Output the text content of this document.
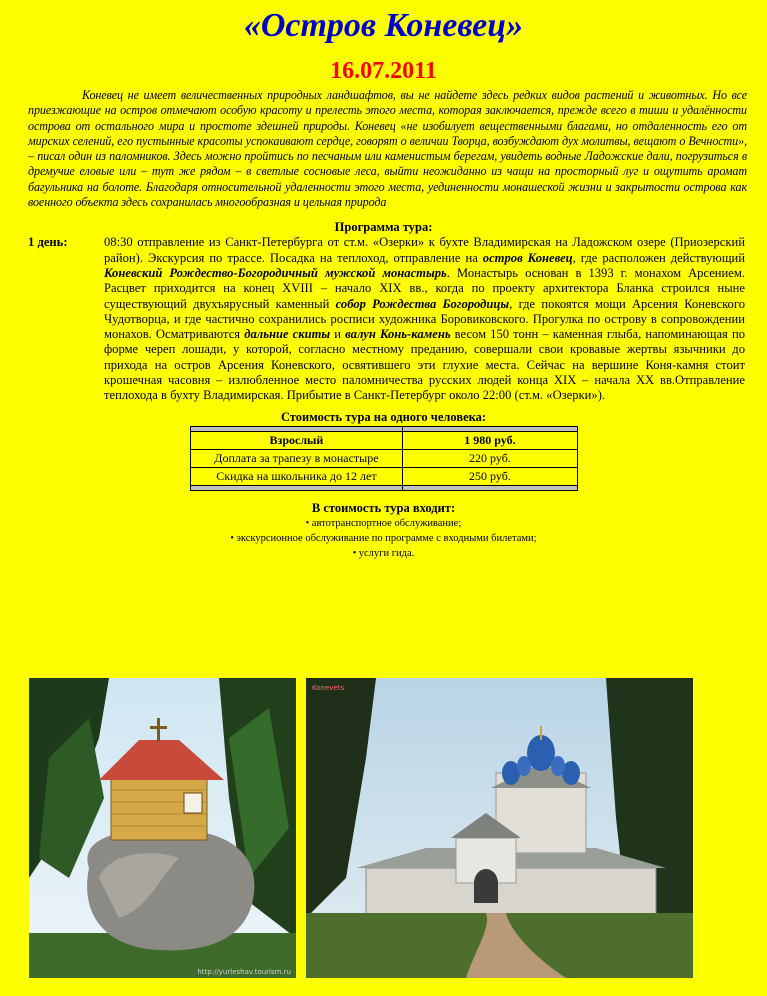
«Остров Коневец»
16.07.2011

Коневец не имеет величественных природных ландшафтов, вы не найдете здесь редких видов растений и животных. Но все приезжающие на остров отмечают особую красоту и прелесть этого места, которая заключается, прежде всего в тиши и удалённости острова от остального мира и простоте здешней природы. Коневец «не изобилует вещественными благами, но отдаленность его от мирских селений, его пустынные красоты успокаивают сердце, говорят о величии Творца, возбуждают дух молитвы, вещают о Вечности», – писал один из паломников. Здесь можно пройтись по песчаным или каменистым берегам, увидеть водные Ладожские дали, погрузиться в дремучие еловые или – тут же рядом – в светлые сосновые леса, выйти неожиданно из чащи на просторный луг и ощутить аромат багульника на болоте. Благодаря относительной удаленности этого места, уединенности монашеской жизни и закрытости острова как военного объекта здесь сохранилась многообразная и цельная природа

Программа тура:
1 день:	08:30 отправление из Санкт-Петербурга от ст.м. «Озерки» к бухте Владимирская на Ладожском озере (Приозерский район). Экскурсия по трассе. Посадка на теплоход, отправление на остров Коневец, где расположен действующий Коневский Рождество-Богородичный мужской монастырь. Монастырь основан в 1393 г. монахом Арсением. Расцвет приходится на конец XVIII – начало XIX вв., когда по проекту архитектора Бланка строился ныне существующий двухъярусный каменный собор Рождества Богородицы, где покоятся мощи Арсения Коневского Чудотворца, и где частично сохранились росписи художника Боровиковского. Прогулка по острову в сопровождении монахов. Осматриваются дальние скиты и валун Конь-камень весом 150 тонн – каменная глыба, напоминающая по форме череп лошади, у которой, согласно местному преданию, совершали свои кровавые жертвы язычники до прихода на остров Арсения Коневского, освятившего эти глухие места. Сейчас на вершине Коня-камня стоит крошечная часовня – излюбленное место паломничества русских людей конца XIX – начала XX вв.Отправление теплохода в бухту Владимирская. Прибытие в Санкт-Петербург около 22:00 (ст.м. «Озерки»).
Стоимость тура на одного человека:

Взрослый	1 980 руб.
Доплата за трапезу в монастыре	220 руб.
Скидка на школьника до 12 лет	250 руб.

В стоимость тура входит:
• автотранспортное обслуживание;
• экскурсионное обслуживание по программе с входными билетами;
• услуги гида.
http://yurleshav.tourism.ru
Konevets
